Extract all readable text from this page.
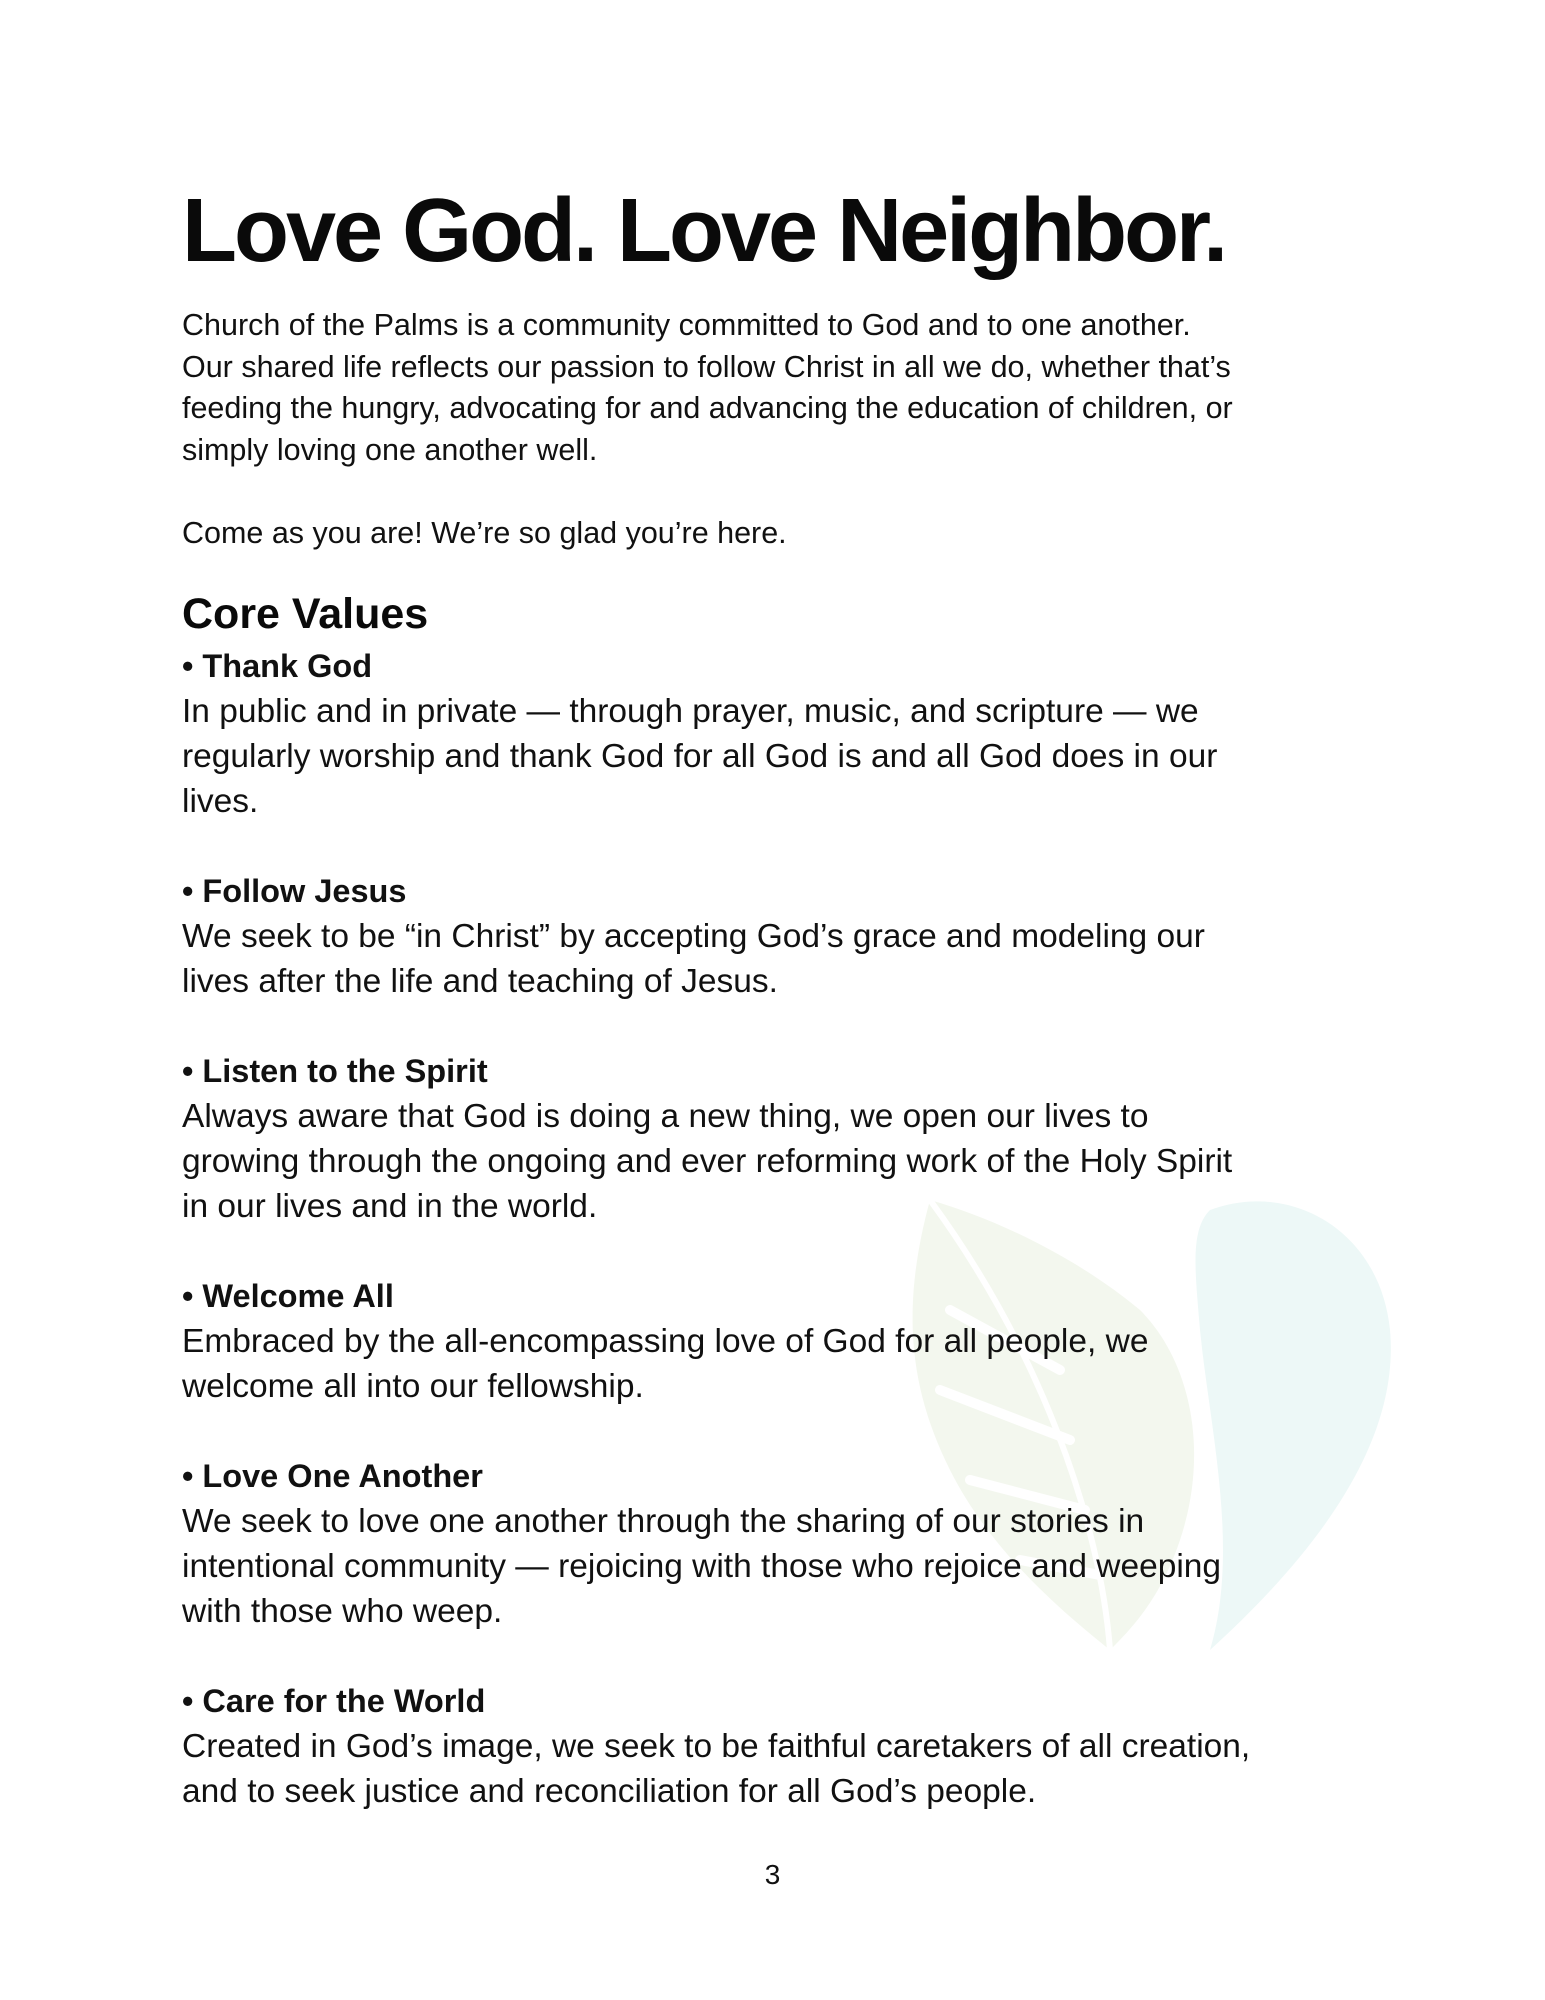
Love God. Love Neighbor.

Church of the Palms is a community committed to God and to one another.
Our shared life reflects our passion to follow Christ in all we do, whether that’s
feeding the hungry, advocating for and advancing the education of children, or
simply loving one another well.

Come as you are! We’re so glad you’re here.

Core Values
• Thank God
In public and in private — through prayer, music, and scripture — we
regularly worship and thank God for all God is and all God does in our
lives.
• Follow Jesus
We seek to be “in Christ” by accepting God’s grace and modeling our
lives after the life and teaching of Jesus.
• Listen to the Spirit
Always aware that God is doing a new thing, we open our lives to
growing through the ongoing and ever reforming work of the Holy Spirit
in our lives and in the world.
• Welcome All
Embraced by the all-encompassing love of God for all people, we
welcome all into our fellowship.
• Love One Another
We seek to love one another through the sharing of our stories in
intentional community — rejoicing with those who rejoice and weeping
with those who weep.
• Care for the World
Created in God’s image, we seek to be faithful caretakers of all creation,
and to seek justice and reconciliation for all God’s people.
3
